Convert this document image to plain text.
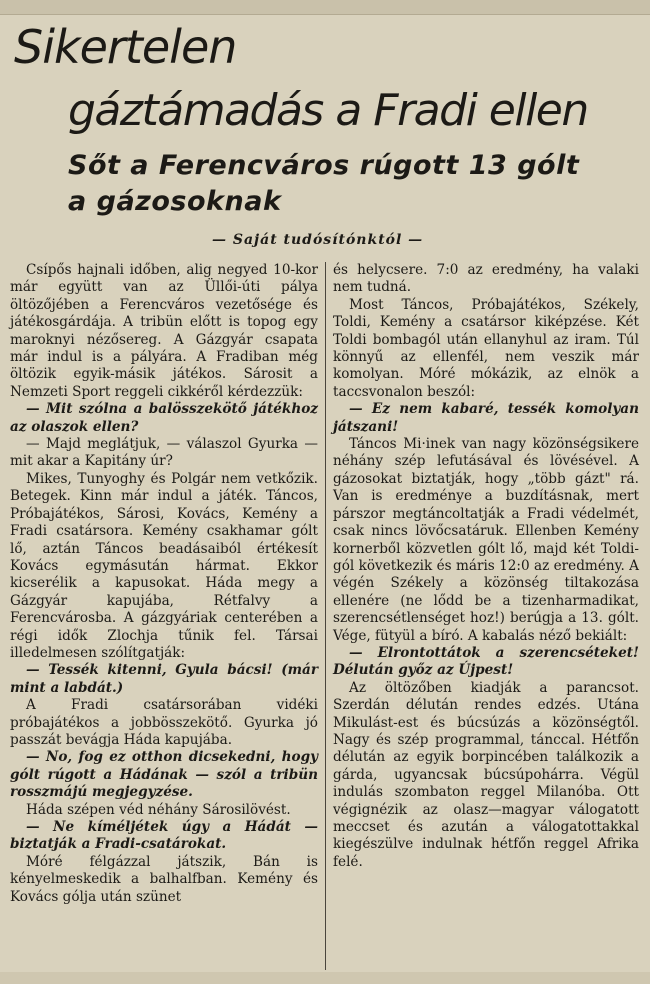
Sikertelen
gáztámadás a Fradi ellen
Sőt a Ferencváros rúgott 13 gólt
a gázosoknak
— Saját tudósítónktól —

Csípős hajnali időben, alig negyed 10-kor már együtt van az Üllői-úti pálya öltözőjében a Ferencváros vezetősége és játékosgárdája. A tribün előtt is topog egy maroknyi nézősereg. A Gázgyár csapata már indul is a pályára. A Fradiban még öltözik egyik-másik játékos. Sárosit a Nemzeti Sport reggeli cikkéről kérdezzük:

— Mit szólna a balösszekötő játékhoz az olaszok ellen?

— Majd meglátjuk, — válaszol Gyurka — mit akar a Kapitány úr?

Mikes, Tunyoghy és Polgár nem vetkőzik. Betegek. Kinn már indul a játék. Táncos, Próbajátékos, Sárosi, Kovács, Kemény a Fradi csatársora. Kemény csakhamar gólt lő, aztán Táncos beadásaiból értékesít Kovács egymásután hármat. Ekkor kicserélik a kapusokat. Háda megy a Gázgyár kapujába, Rétfalvy a Ferencvárosba. A gázgyáriak centerében a régi idők Zlochja tűnik fel. Társai illedelmesen szólítgatják:

— Tessék kitenni, Gyula bácsi! (már mint a labdát.)

A Fradi csatársorában vidéki próbajátékos a jobbösszekötő. Gyurka jó passzát bevágja Háda kapujába.

— No, fog ez otthon dicsekedni, hogy gólt rúgott a Hádának — szól a tribün rosszmájú megjegyzése.

Háda szépen véd néhány Sárosilövést.

— Ne kíméljétek úgy a Hádát — biztatják a Fradi-csatárokat.

Móré félgázzal játszik, Bán is kényelmeskedik a balhalfban. Kemény és Kovács gólja után szünet

és helycsere. 7:0 az eredmény, ha valaki nem tudná.

Most Táncos, Próbajátékos, Székely, Toldi, Kemény a csatársor kiképzése. Két Toldi bombagól után ellanyhul az iram. Túl könnyű az ellenfél, nem veszik már komolyan. Móré mókázik, az elnök a taccsvonalon beszól:

— Ez nem kabaré, tessék komolyan játszani!

Táncos Mi·inek van nagy közönségsikere néhány szép lefutásával és lövésével. A gázosokat biztatják, hogy „több gázt" rá. Van is eredménye a buzdításnak, mert párszor megtáncoltatják a Fradi védelmét, csak nincs lövőcsatáruk. Ellenben Kemény kornerből közvetlen gólt lő, majd két Toldi-gól következik és máris 12:0 az eredmény. A végén Székely a közönség tiltakozása ellenére (ne lődd be a tizenharmadikat, szerencsétlenséget hoz!) berúgja a 13. gólt. Vége, fütyül a bíró. A kabalás néző bekiált:

— Elrontottátok a szerencséteket! Délután győz az Újpest!

Az öltözőben kiadják a parancsot. Szerdán délután rendes edzés. Utána Mikulást-est és búcsúzás a közönségtől. Nagy és szép programmal, tánccal. Hétfőn délután az egyik borpincében találkozik a gárda, ugyancsak búcsúpohárra. Végül indulás szombaton reggel Milanóba. Ott végignézik az olasz—magyar válogatott meccset és azután a válogatottakkal kiegészülve indulnak hétfőn reggel Afrika felé.
